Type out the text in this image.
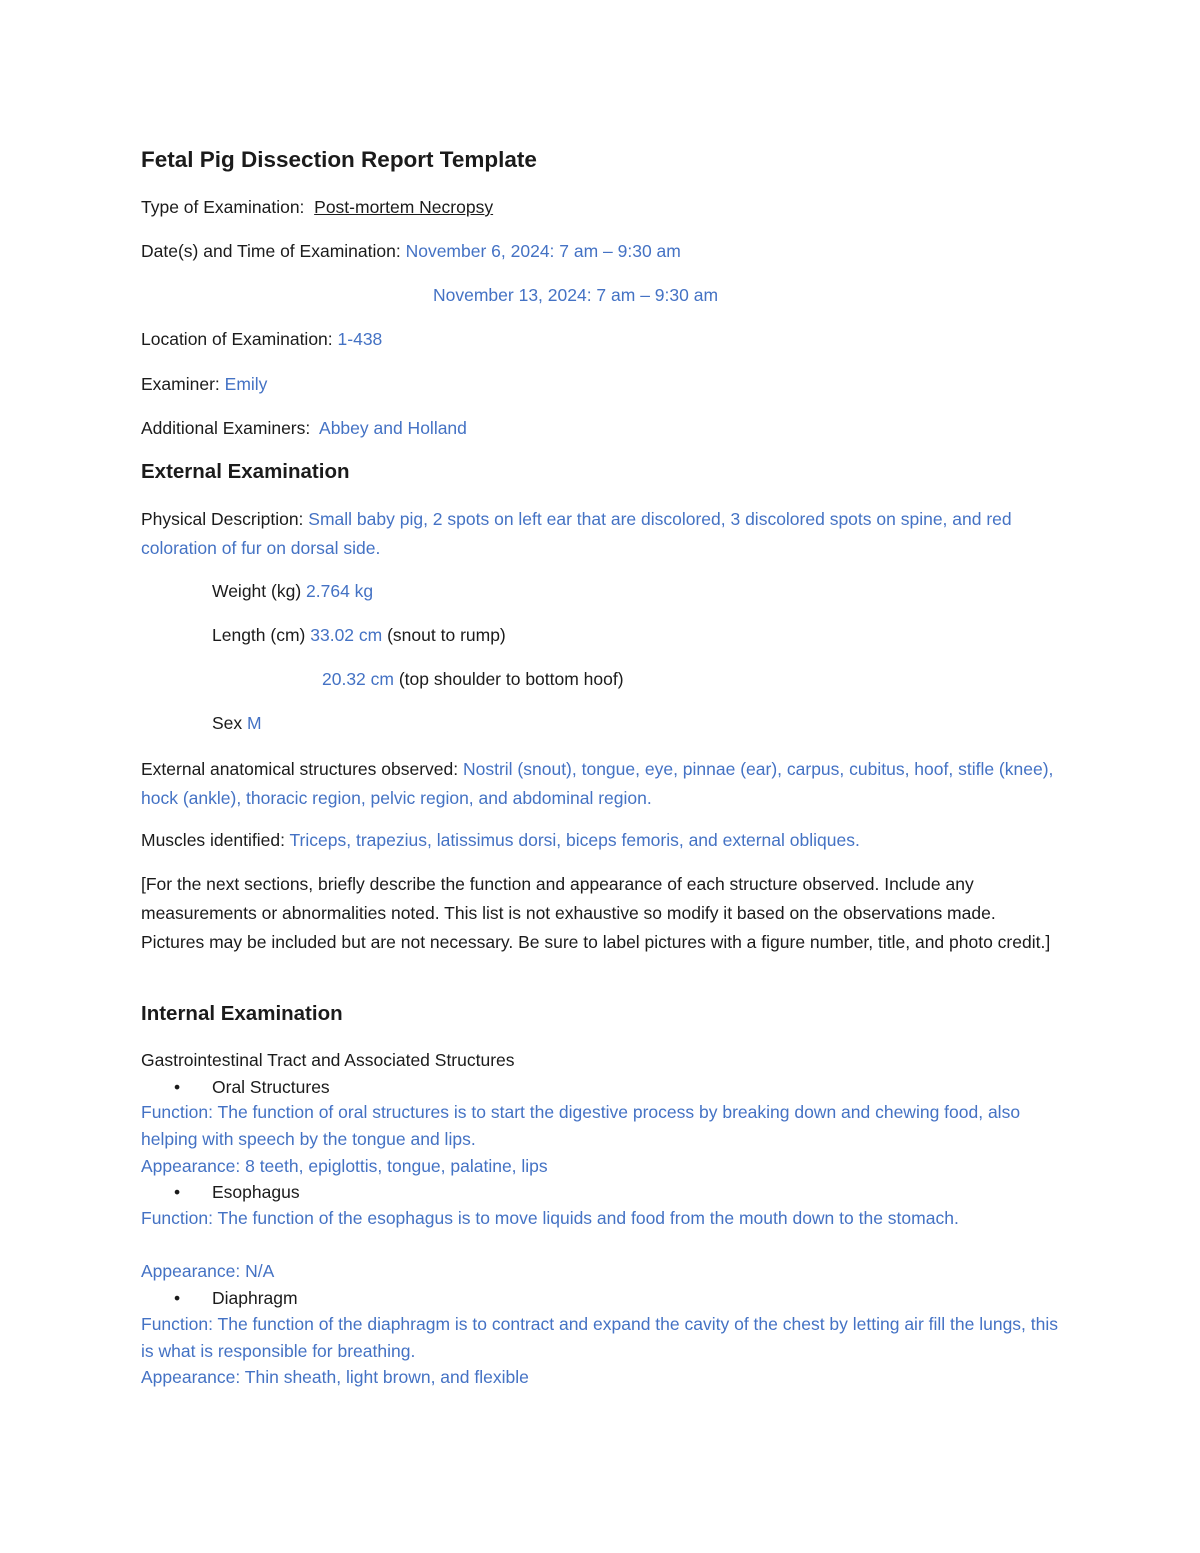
Fetal Pig Dissection Report Template
Type of Examination: Post-mortem Necropsy
Date(s) and Time of Examination: November 6, 2024: 7 am – 9:30 am
November 13, 2024: 7 am – 9:30 am
Location of Examination: 1-438
Examiner: Emily
Additional Examiners: Abbey and Holland
External Examination
Physical Description: Small baby pig, 2 spots on left ear that are discolored, 3 discolored spots on spine, and red coloration of fur on dorsal side.
Weight (kg) 2.764 kg
Length (cm) 33.02 cm (snout to rump)
20.32 cm (top shoulder to bottom hoof)
Sex M
External anatomical structures observed: Nostril (snout), tongue, eye, pinnae (ear), carpus, cubitus, hoof, stifle (knee), hock (ankle), thoracic region, pelvic region, and abdominal region.
Muscles identified: Triceps, trapezius, latissimus dorsi, biceps femoris, and external obliques.
[For the next sections, briefly describe the function and appearance of each structure observed. Include any measurements or abnormalities noted. This list is not exhaustive so modify it based on the observations made. Pictures may be included but are not necessary. Be sure to label pictures with a figure number, title, and photo credit.]
Internal Examination
Gastrointestinal Tract and Associated Structures
• Oral Structures
Function: The function of oral structures is to start the digestive process by breaking down and chewing food, also helping with speech by the tongue and lips.
Appearance: 8 teeth, epiglottis, tongue, palatine, lips
• Esophagus
Function: The function of the esophagus is to move liquids and food from the mouth down to the stomach.
Appearance: N/A
• Diaphragm
Function: The function of the diaphragm is to contract and expand the cavity of the chest by letting air fill the lungs, this is what is responsible for breathing.
Appearance: Thin sheath, light brown, and flexible
